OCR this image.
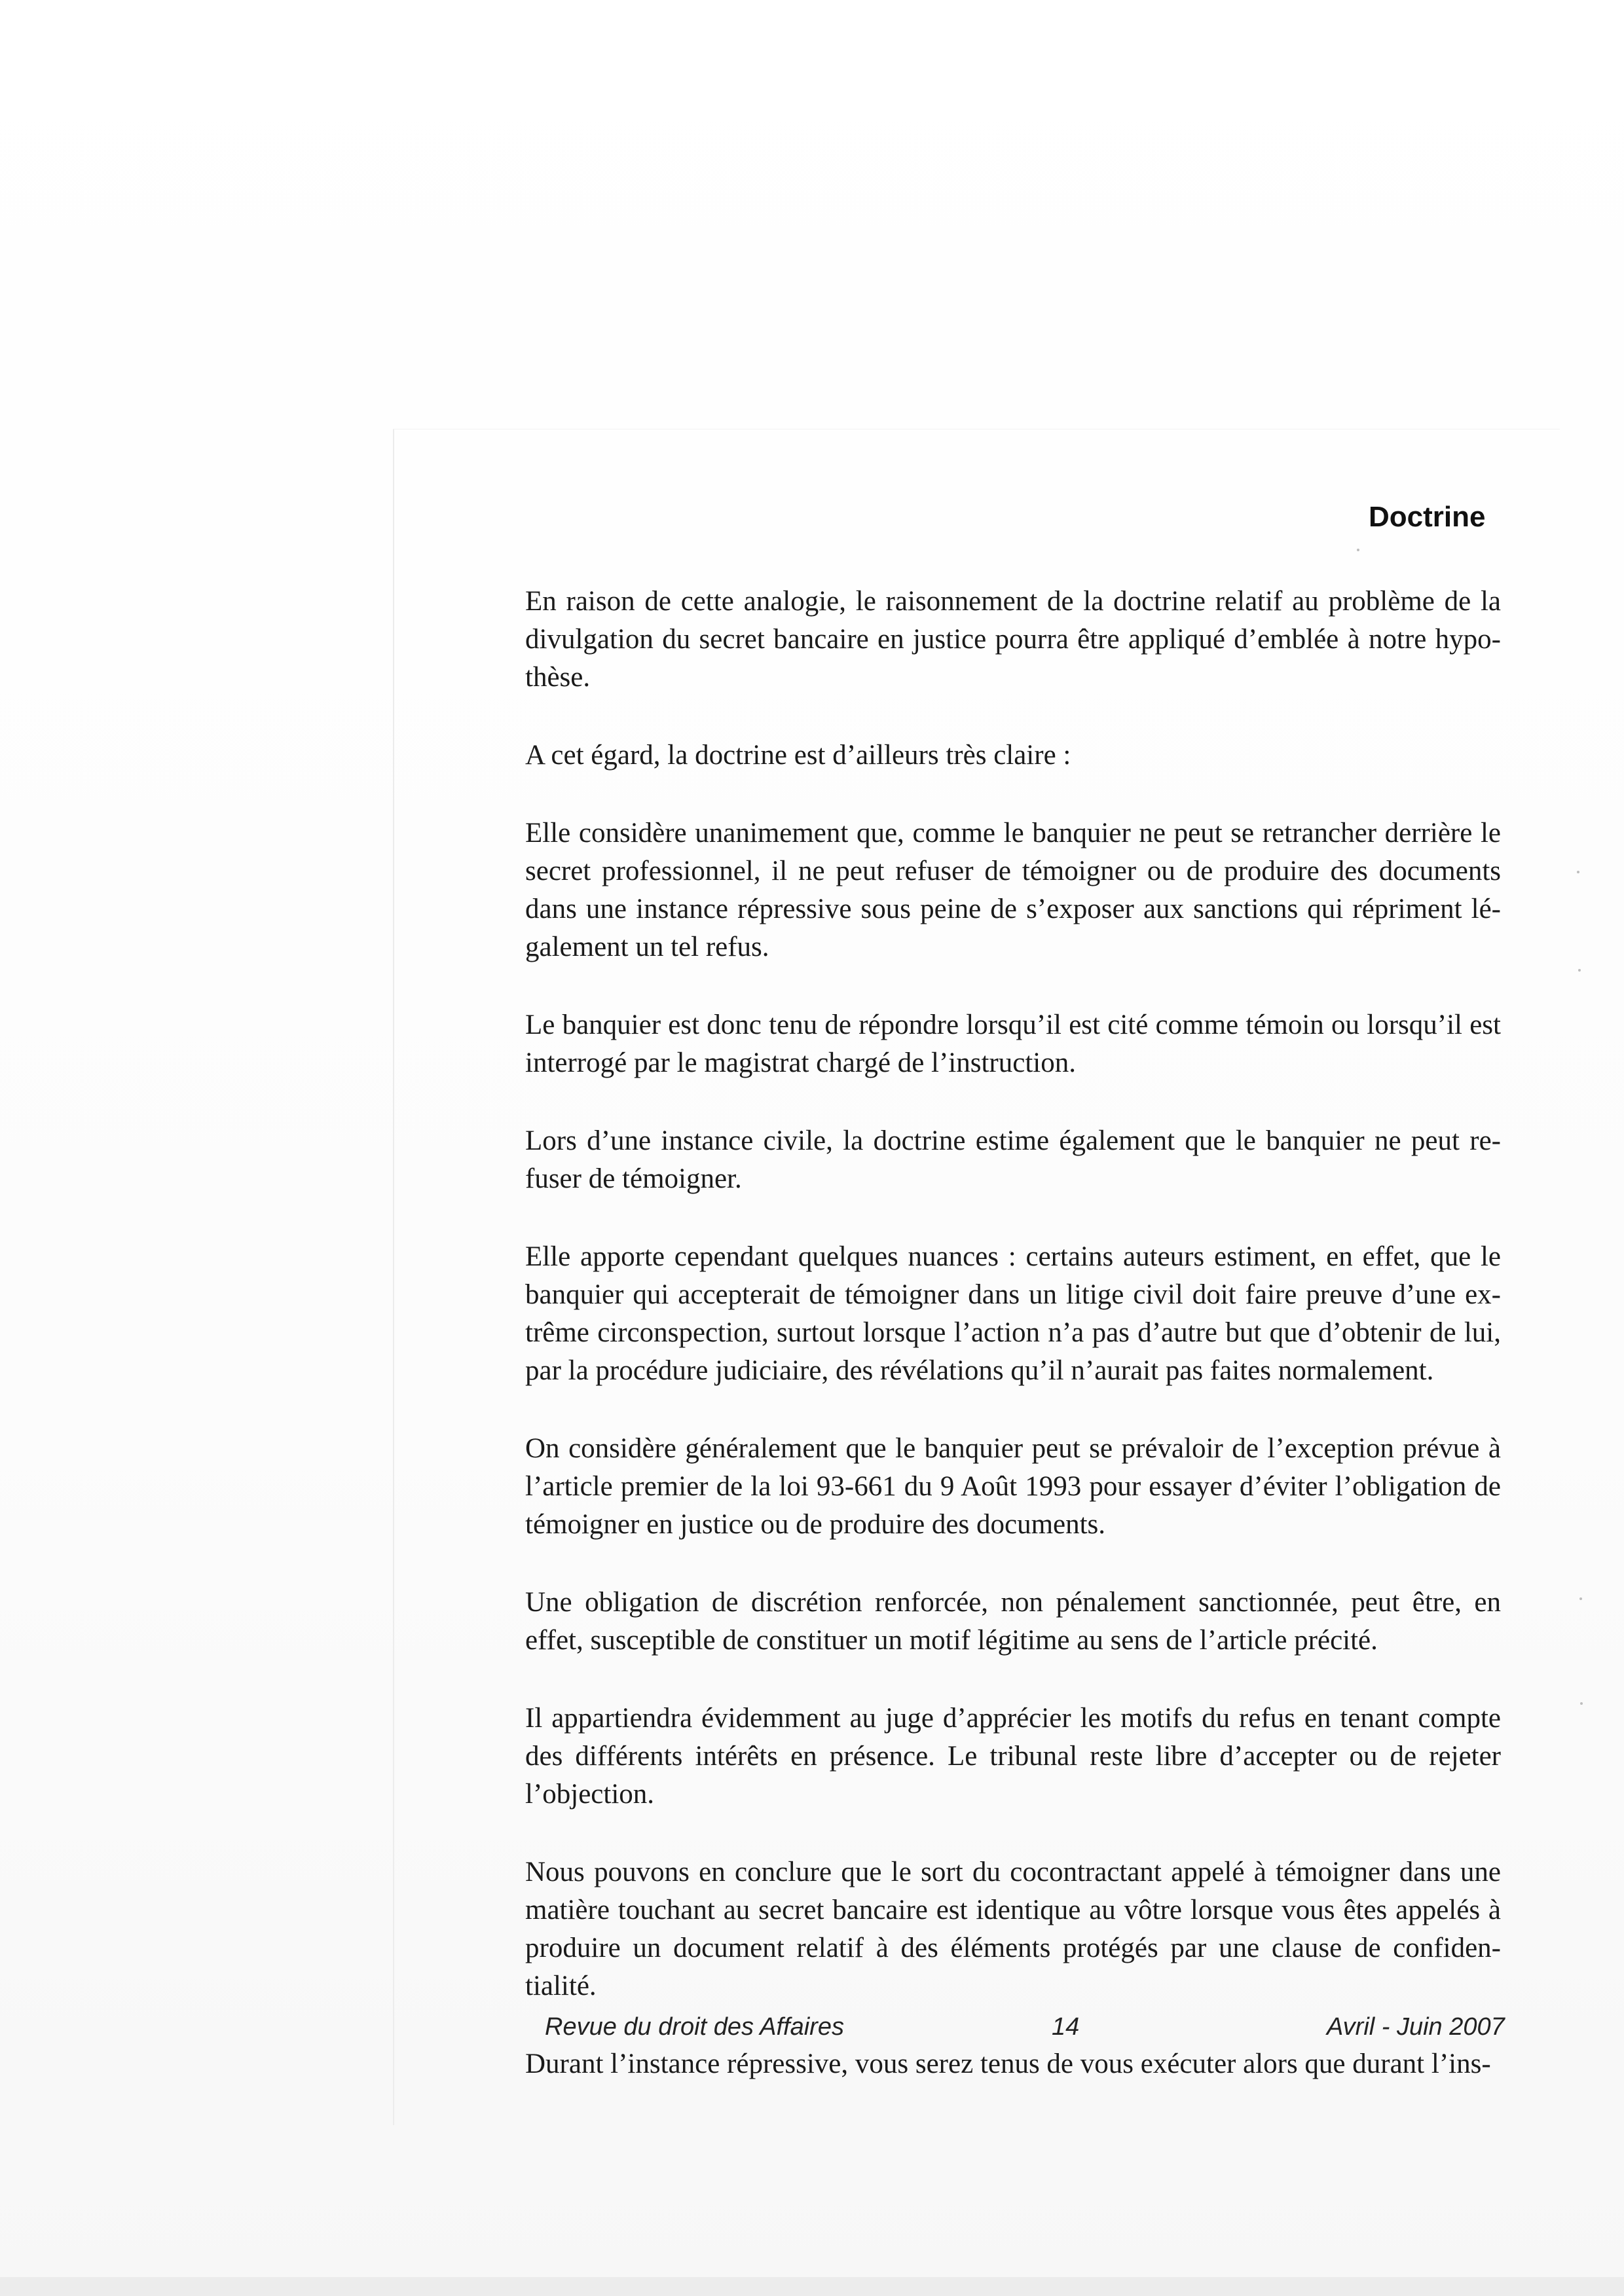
Doctrine

En raison de cette analogie, le raisonnement de la doctrine relatif au problème de la divulgation du secret bancaire en justice pourra être appliqué d’emblée à notre hypo-thèse.

A cet égard, la doctrine est d’ailleurs très claire :

Elle considère unanimement que, comme le banquier ne peut se retrancher derrière le secret professionnel, il ne peut refuser de témoigner ou de produire des documents dans une instance répressive sous peine de s’exposer aux sanctions qui répriment lé-galement un tel refus.

Le banquier est donc tenu de répondre lorsqu’il est cité comme témoin ou lorsqu’il est interrogé par le magistrat chargé de l’instruction.

Lors d’une instance civile, la doctrine estime également que le banquier ne peut re-fuser de témoigner.

Elle apporte cependant quelques nuances : certains auteurs estiment, en effet, que le banquier qui accepterait de témoigner dans un litige civil doit faire preuve d’une ex-trême circonspection, surtout lorsque l’action n’a pas d’autre but que d’obtenir de lui, par la procédure judiciaire, des révélations qu’il n’aurait pas faites normalement.

On considère généralement que le banquier peut se prévaloir de l’exception prévue à l’article premier de la loi 93-661 du 9 Août 1993 pour essayer d’éviter l’obligation de témoigner en justice ou de produire des documents.

Une obligation de discrétion renforcée, non pénalement sanctionnée, peut être, en effet, susceptible de constituer un motif légitime au sens de l’article précité.

Il appartiendra évidemment au juge d’apprécier les motifs du refus en tenant compte des différents intérêts en présence. Le tribunal reste libre d’accepter ou de rejeter l’objection.

Nous pouvons en conclure que le sort du cocontractant appelé à témoigner dans une matière touchant au secret bancaire est identique au vôtre lorsque vous êtes appelés à produire un document relatif à des éléments protégés par une clause de confiden-tialité.

Durant l’instance répressive, vous serez tenus de vous exécuter alors que durant l’ins-

Revue du droit des Affaires	14	Avril - Juin 2007
